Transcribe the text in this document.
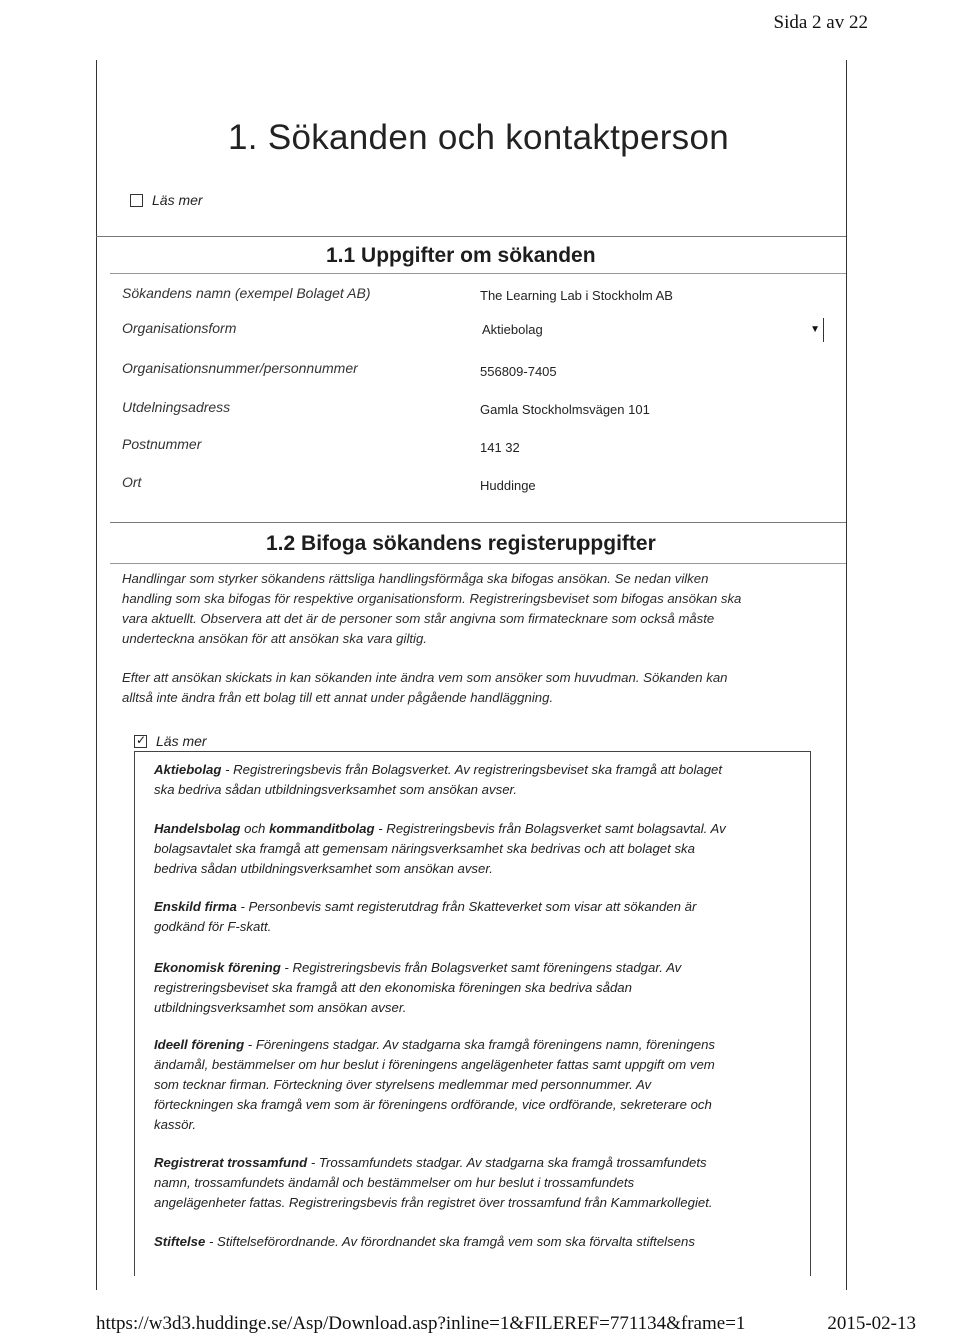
Sida 2 av 22
1. Sökanden och kontaktperson
Läs mer
1.1 Uppgifter om sökanden
Sökandens namn (exempel Bolaget AB)	The Learning Lab i Stockholm AB
Organisationsform	Aktiebolag	▼
Organisationsnummer/personnummer	556809-7405
Utdelningsadress	Gamla Stockholmsvägen 101
Postnummer	141 32
Ort	Huddinge
1.2 Bifoga sökandens registeruppgifter
Handlingar som styrker sökandens rättsliga handlingsförmåga ska bifogas ansökan. Se nedan vilken
handling som ska bifogas för respektive organisationsform. Registreringsbeviset som bifogas ansökan ska
vara aktuellt. Observera att det är de personer som står angivna som firmatecknare som också måste
underteckna ansökan för att ansökan ska vara giltig.
Efter att ansökan skickats in kan sökanden inte ändra vem som ansöker som huvudman. Sökanden kan
alltså inte ändra från ett bolag till ett annat under pågående handläggning.
✓
Läs mer
Aktiebolag - Registreringsbevis från Bolagsverket. Av registreringsbeviset ska framgå att bolaget
ska bedriva sådan utbildningsverksamhet som ansökan avser.
Handelsbolag och kommanditbolag - Registreringsbevis från Bolagsverket samt bolagsavtal. Av
bolagsavtalet ska framgå att gemensam näringsverksamhet ska bedrivas och att bolaget ska
bedriva sådan utbildningsverksamhet som ansökan avser.
Enskild firma - Personbevis samt registerutdrag från Skatteverket som visar att sökanden är
godkänd för F-skatt.
Ekonomisk förening - Registreringsbevis från Bolagsverket samt föreningens stadgar. Av
registreringsbeviset ska framgå att den ekonomiska föreningen ska bedriva sådan
utbildningsverksamhet som ansökan avser.
Ideell förening - Föreningens stadgar. Av stadgarna ska framgå föreningens namn, föreningens
ändamål, bestämmelser om hur beslut i föreningens angelägenheter fattas samt uppgift om vem
som tecknar firman. Förteckning över styrelsens medlemmar med personnummer. Av
förteckningen ska framgå vem som är föreningens ordförande, vice ordförande, sekreterare och
kassör.
Registrerat trossamfund - Trossamfundets stadgar. Av stadgarna ska framgå trossamfundets
namn, trossamfundets ändamål och bestämmelser om hur beslut i trossamfundets
angelägenheter fattas. Registreringsbevis från registret över trossamfund från Kammarkollegiet.
Stiftelse - Stiftelseförordnande. Av förordnandet ska framgå vem som ska förvalta stiftelsens
https://w3d3.huddinge.se/Asp/Download.asp?inline=1&FILEREF=771134&frame=1	2015-02-13
